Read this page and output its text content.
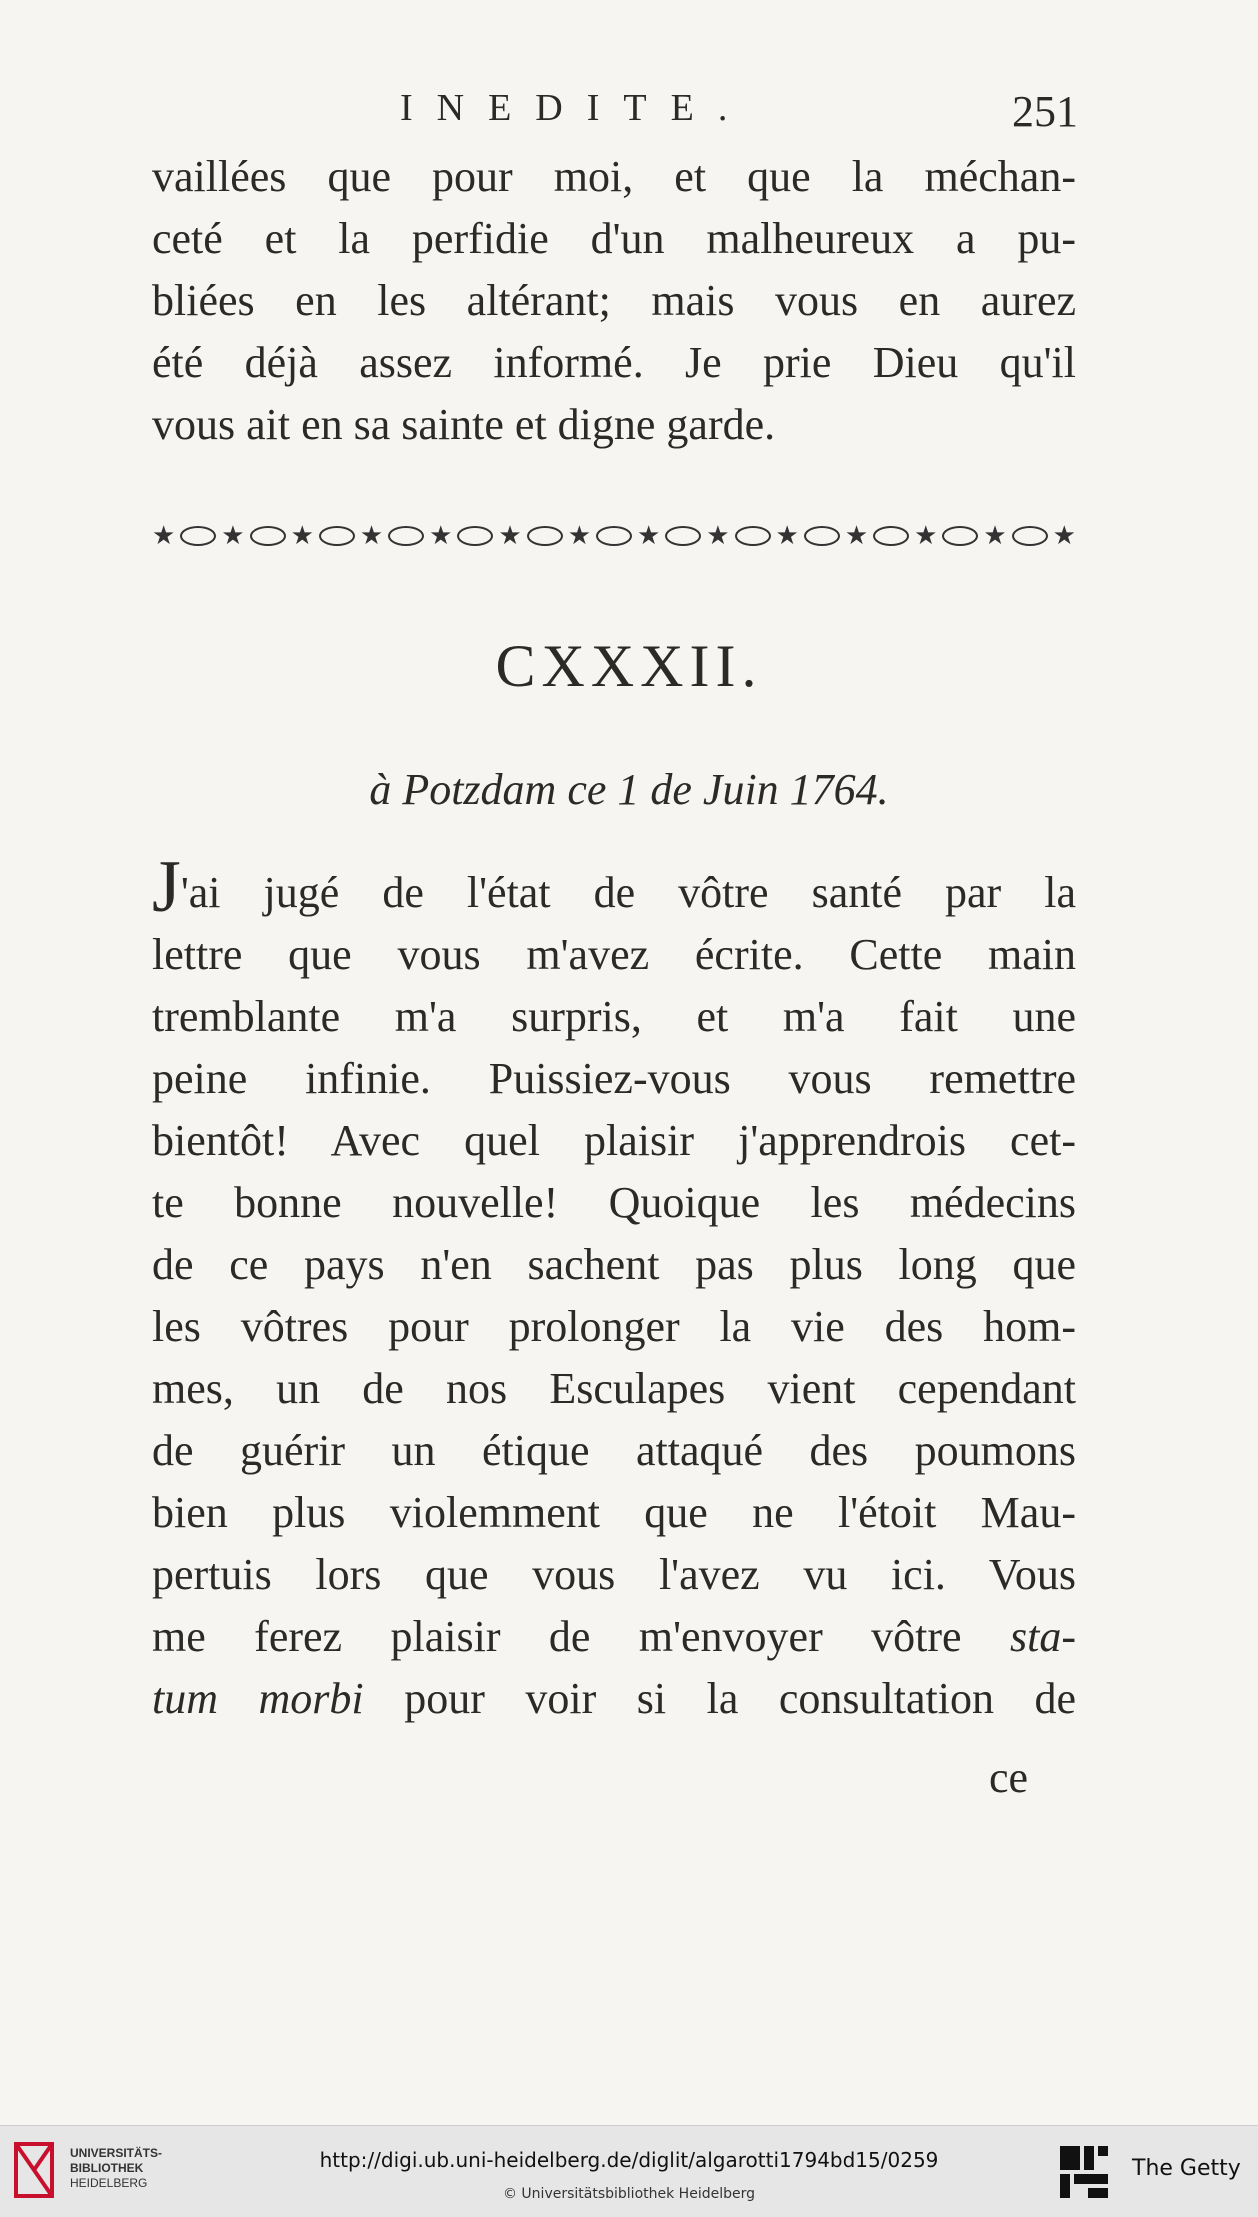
INEDITE.	251
vaillées que pour moi, et que la méchan-
ceté et la perfidie d'un malheureux a pu-
bliées en les altérant; mais vous en aurez
été déjà assez informé. Je prie Dieu qu'il
vous ait en sa sainte et digne garde.
★ ★ ★ ★ ★ ★ ★ ★ ★ ★ ★ ★ ★ ★
CXXXII.
à Potzdam ce 1 de Juin 1764.
J'ai jugé de l'état de vôtre santé par la
lettre que vous m'avez écrite. Cette main
tremblante m'a surpris, et m'a fait une
peine infinie. Puissiez-vous vous remettre
bientôt! Avec quel plaisir j'apprendrois cet-
te bonne nouvelle! Quoique les médecins
de ce pays n'en sachent pas plus long que
les vôtres pour prolonger la vie des hom-
mes, un de nos Esculapes vient cependant
de guérir un étique attaqué des poumons
bien plus violemment que ne l'étoit Mau-
pertuis lors que vous l'avez vu ici. Vous
me ferez plaisir de m'envoyer vôtre sta-
tum morbi pour voir si la consultation de
ce
UNIVERSITÄTS-
BIBLIOTHEK
HEIDELBERG
http://digi.ub.uni-heidelberg.de/diglit/algarotti1794bd15/0259
© Universitätsbibliothek Heidelberg
The Getty
